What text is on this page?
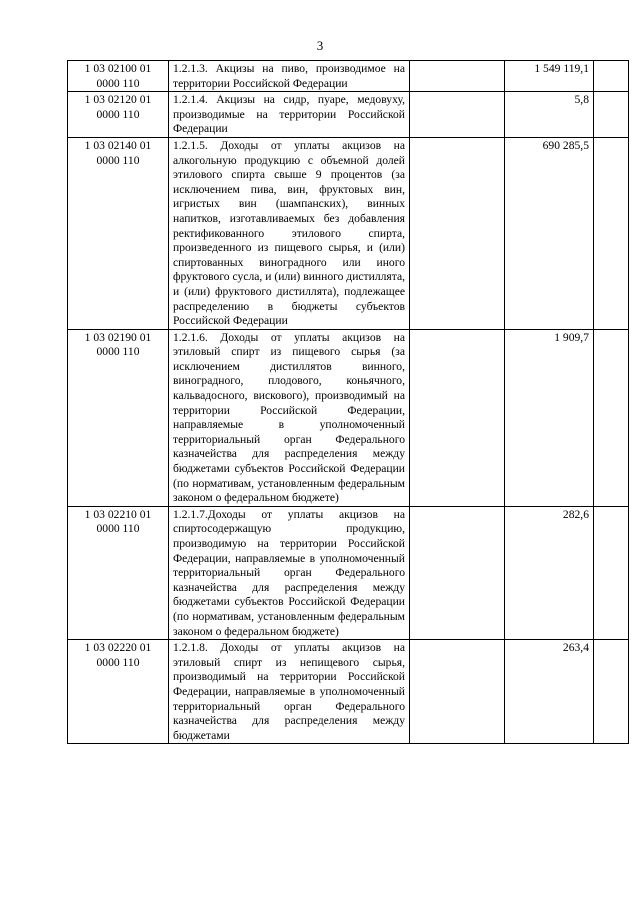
3
1 03 02100 01 0000 110	1.2.1.3. Акцизы на пиво, производимое на территории Российской Федерации		1 549 119,1	
1 03 02120 01 0000 110	1.2.1.4. Акцизы на сидр, пуаре, медовуху, производимые на территории Российской Федерации		5,8	
1 03 02140 01 0000 110	1.2.1.5. Доходы от уплаты акцизов на алкогольную продукцию с объемной долей этилового спирта свыше 9 процентов (за исключением пива, вин, фруктовых вин, игристых вин (шампанских), винных напитков, изготавливаемых без добавления ректификованного этилового спирта, произведенного из пищевого сырья, и (или) спиртованных виноградного или иного фруктового сусла, и (или) винного дистиллята, и (или) фруктового дистиллята), подлежащее распределению в бюджеты субъектов Российской Федерации		690 285,5	
1 03 02190 01 0000 110	1.2.1.6. Доходы от уплаты акцизов на этиловый спирт из пищевого сырья (за исключением дистиллятов винного, виноградного, плодового, коньячного, кальвадосного, вискового), производимый на территории Российской Федерации, направляемые в уполномоченный территориальный орган Федерального казначейства для распределения между бюджетами субъектов Российской Федерации (по нормативам, установленным федеральным законом о федеральном бюджете)		1 909,7	
1 03 02210 01 0000 110	1.2.1.7.Доходы от уплаты акцизов на спиртосодержащую продукцию, производимую на территории Российской Федерации, направляемые в уполномоченный территориальный орган Федерального казначейства для распределения между бюджетами субъектов Российской Федерации (по нормативам, установленным федеральным законом о федеральном бюджете)		282,6	
1 03 02220 01 0000 110	1.2.1.8. Доходы от уплаты акцизов на этиловый спирт из непищевого сырья, производимый на территории Российской Федерации, направляемые в уполномоченный территориальный орган Федерального казначейства для распределения между бюджетами		263,4	
